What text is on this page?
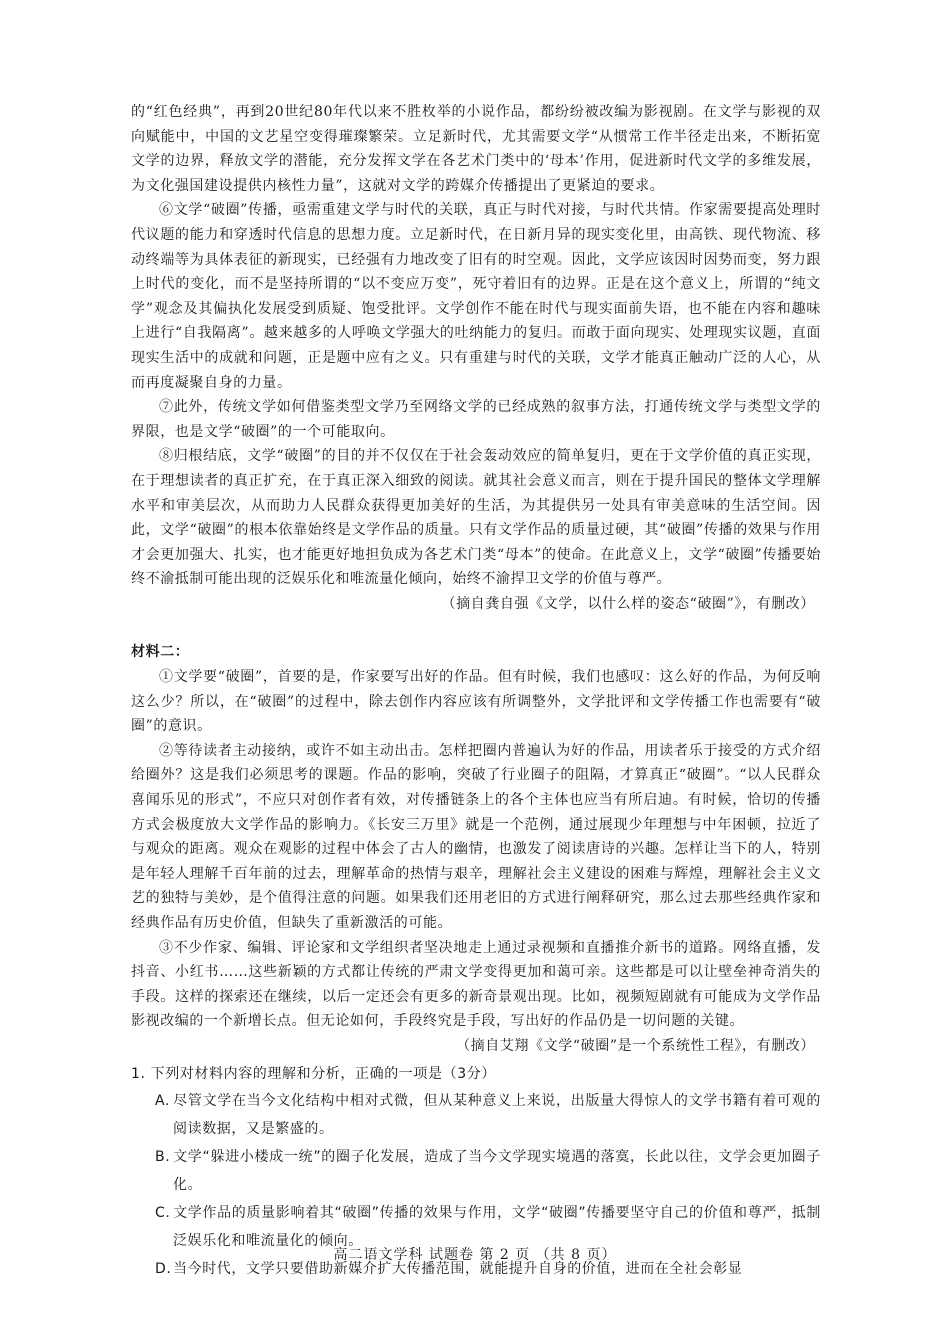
的“红色经典”，再到20世纪80年代以来不胜枚举的小说作品，都纷纷被改编为影视剧。在文学与影视的双向赋能中，中国的文艺星空变得璀璨繁荣。立足新时代，尤其需要文学“从惯常工作半径走出来，不断拓宽文学的边界，释放文学的潜能，充分发挥文学在各艺术门类中的‘母本’作用，促进新时代文学的多维发展，为文化强国建设提供内核性力量”，这就对文学的跨媒介传播提出了更紧迫的要求。

⑥文学“破圈”传播，亟需重建文学与时代的关联，真正与时代对接，与时代共情。作家需要提高处理时代议题的能力和穿透时代信息的思想力度。立足新时代，在日新月异的现实变化里，由高铁、现代物流、移动终端等为具体表征的新现实，已经强有力地改变了旧有的时空观。因此，文学应该因时因势而变，努力跟上时代的变化，而不是坚持所谓的“以不变应万变”，死守着旧有的边界。正是在这个意义上，所谓的“纯文学”观念及其偏执化发展受到质疑、饱受批评。文学创作不能在时代与现实面前失语，也不能在内容和趣味上进行“自我隔离”。越来越多的人呼唤文学强大的吐纳能力的复归。而敢于面向现实、处理现实议题，直面现实生活中的成就和问题，正是题中应有之义。只有重建与时代的关联，文学才能真正触动广泛的人心，从而再度凝聚自身的力量。

⑦此外，传统文学如何借鉴类型文学乃至网络文学的已经成熟的叙事方法，打通传统文学与类型文学的界限，也是文学“破圈”的一个可能取向。

⑧归根结底，文学“破圈”的目的并不仅仅在于社会轰动效应的简单复归，更在于文学价值的真正实现，在于理想读者的真正扩充，在于真正深入细致的阅读。就其社会意义而言，则在于提升国民的整体文学理解水平和审美层次，从而助力人民群众获得更加美好的生活，为其提供另一处具有审美意味的生活空间。因此，文学“破圈”的根本依靠始终是文学作品的质量。只有文学作品的质量过硬，其“破圈”传播的效果与作用才会更加强大、扎实，也才能更好地担负成为各艺术门类“母本”的使命。在此意义上，文学“破圈”传播要始终不渝抵制可能出现的泛娱乐化和唯流量化倾向，始终不渝捍卫文学的价值与尊严。

（摘自龚自强《文学，以什么样的姿态“破圈”》，有删改）

材料二：

①文学要“破圈”，首要的是，作家要写出好的作品。但有时候，我们也感叹：这么好的作品，为何反响这么少？所以，在“破圈”的过程中，除去创作内容应该有所调整外，文学批评和文学传播工作也需要有“破圈”的意识。

②等待读者主动接纳，或许不如主动出击。怎样把圈内普遍认为好的作品，用读者乐于接受的方式介绍给圈外？这是我们必须思考的课题。作品的影响，突破了行业圈子的阻隔，才算真正“破圈”。“以人民群众喜闻乐见的形式”，不应只对创作者有效，对传播链条上的各个主体也应当有所启迪。有时候，恰切的传播方式会极度放大文学作品的影响力。《长安三万里》就是一个范例，通过展现少年理想与中年困顿，拉近了与观众的距离。观众在观影的过程中体会了古人的幽情，也激发了阅读唐诗的兴趣。怎样让当下的人，特别是年轻人理解千百年前的过去，理解革命的热情与艰辛，理解社会主义建设的困难与辉煌，理解社会主义文艺的独特与美妙，是个值得注意的问题。如果我们还用老旧的方式进行阐释研究，那么过去那些经典作家和经典作品有历史价值，但缺失了重新激活的可能。

③不少作家、编辑、评论家和文学组织者坚决地走上通过录视频和直播推介新书的道路。网络直播，发抖音、小红书……这些新颖的方式都让传统的严肃文学变得更加和蔼可亲。这些都是可以让壁垒神奇消失的手段。这样的探索还在继续，以后一定还会有更多的新奇景观出现。比如，视频短剧就有可能成为文学作品影视改编的一个新增长点。但无论如何，手段终究是手段，写出好的作品仍是一切问题的关键。

（摘自艾翔《文学“破圈”是一个系统性工程》，有删改）

1. 下列对材料内容的理解和分析，正确的一项是（3分）

A. 尽管文学在当今文化结构中相对式微，但从某种意义上来说，出版量大得惊人的文学书籍有着可观的阅读数据，又是繁盛的。

B. 文学“躲进小楼成一统”的圈子化发展，造成了当今文学现实境遇的落寞，长此以往，文学会更加圈子化。

C. 文学作品的质量影响着其“破圈”传播的效果与作用，文学“破圈”传播要坚守自己的价值和尊严，抵制泛娱乐化和唯流量化的倾向。

D. 当今时代，文学只要借助新媒介扩大传播范围，就能提升自身的价值，进而在全社会彰显

高二语文学科 试题卷 第 2 页 （共 8 页）
